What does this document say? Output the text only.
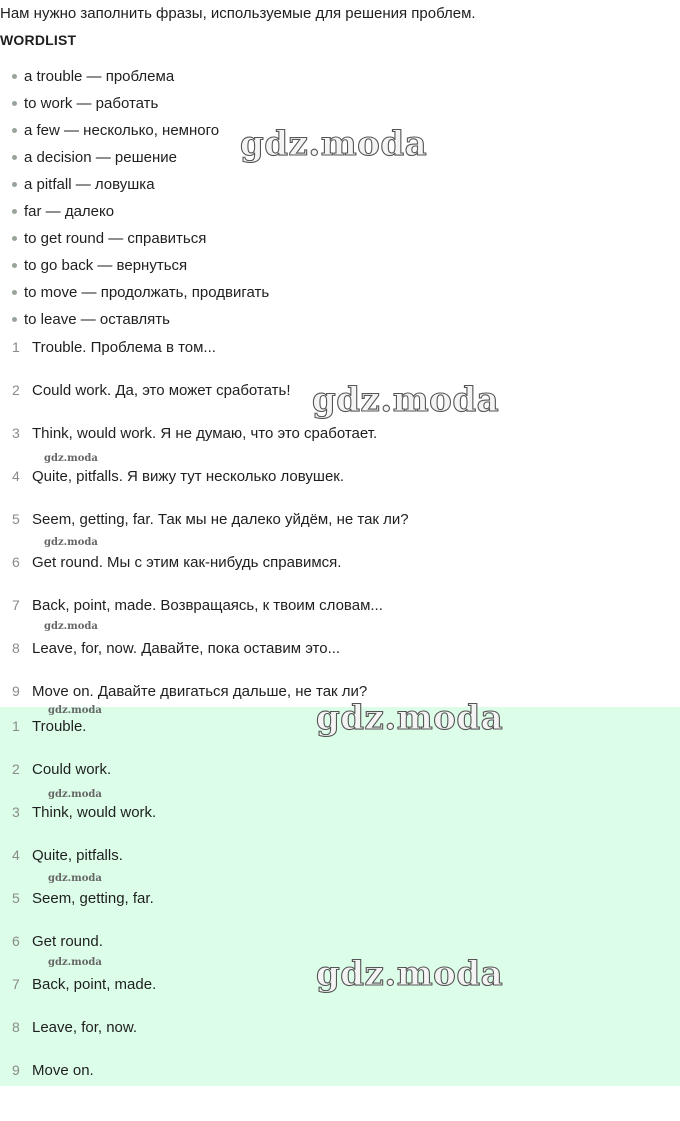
Нам нужно заполнить фразы, используемые для решения проблем.
WORDLIST
a trouble — проблема
to work — работать
a few — несколько, немного
a decision — решение
a pitfall — ловушка
far — далеко
to get round — справиться
to go back — вернуться
to move — продолжать, продвигать
to leave — оставлять
1 Trouble. Проблема в том...
2 Could work. Да, это может сработать!
3 Think, would work. Я не думаю, что это сработает.
4 Quite, pitfalls. Я вижу тут несколько ловушек.
5 Seem, getting, far. Так мы не далеко уйдём, не так ли?
6 Get round. Мы с этим как-нибудь справимся.
7 Back, point, made. Возвращаясь, к твоим словам...
8 Leave, for, now. Давайте, пока оставим это...
9 Move on. Давайте двигаться дальше, не так ли?
1 Trouble.
2 Could work.
3 Think, would work.
4 Quite, pitfalls.
5 Seem, getting, far.
6 Get round.
7 Back, point, made.
8 Leave, for, now.
9 Move on.
gdz.moda
gdz.moda
gdz.moda
gdz.moda
gdz.moda
gdz.moda
gdz.moda
gdz.moda
gdz.moda
gdz.moda
gdz.moda
